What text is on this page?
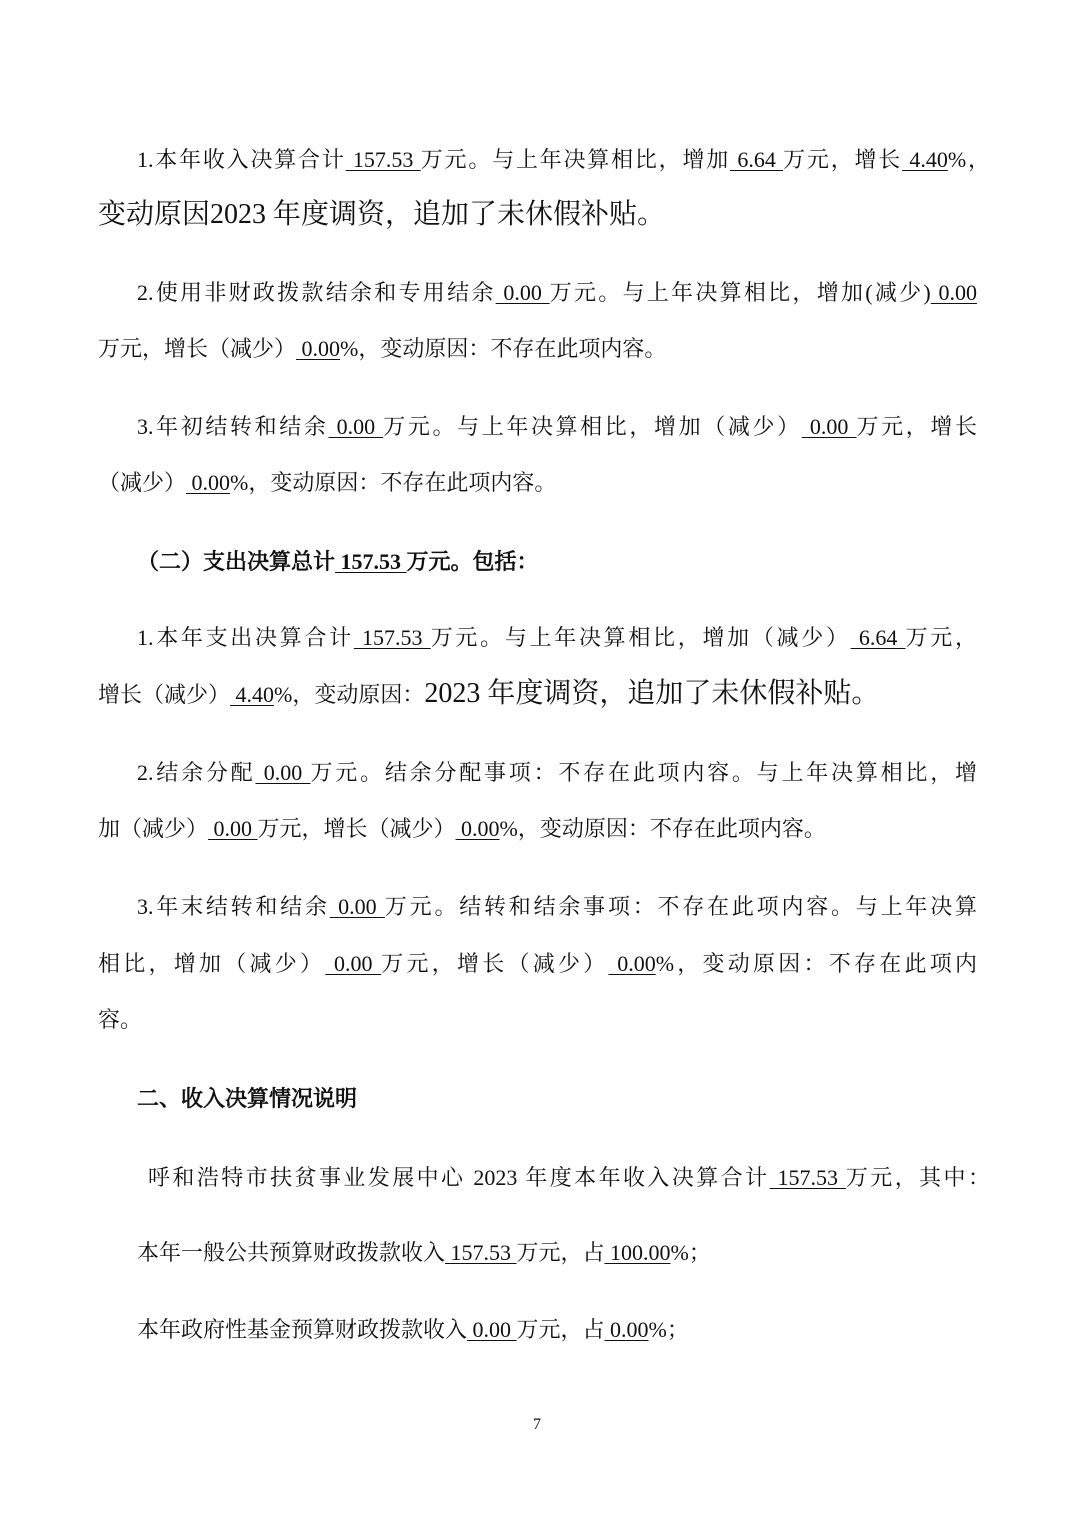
1.本年收入决算合计 157.53 万元。与上年决算相比，增加 6.64 万元，增长 4.40%，
变动原因2023 年度调资，追加了未休假补贴。
2.使用非财政拨款结余和专用结余 0.00 万元。与上年决算相比，增加(减少) 0.00
万元，增长（减少） 0.00%，变动原因：不存在此项内容。
3.年初结转和结余 0.00 万元。与上年决算相比，增加（减少） 0.00 万元，增长
（减少） 0.00%，变动原因：不存在此项内容。
（二）支出决算总计 157.53 万元。包括：
1.本年支出决算合计 157.53 万元。与上年决算相比，增加（减少） 6.64 万元，
增长（减少） 4.40%，变动原因：2023 年度调资，追加了未休假补贴。
2.结余分配 0.00 万元。结余分配事项：不存在此项内容。与上年决算相比，增
加（减少） 0.00 万元，增长（减少） 0.00%，变动原因：不存在此项内容。
3.年末结转和结余 0.00 万元。结转和结余事项：不存在此项内容。与上年决算
相比，增加（减少） 0.00 万元，增长（减少） 0.00%，变动原因：不存在此项内
容。
二、收入决算情况说明
呼和浩特市扶贫事业发展中心 2023 年度本年收入决算合计 157.53 万元，其中：
本年一般公共预算财政拨款收入 157.53 万元，占 100.00%；
本年政府性基金预算财政拨款收入 0.00 万元，占 0.00%；
7
